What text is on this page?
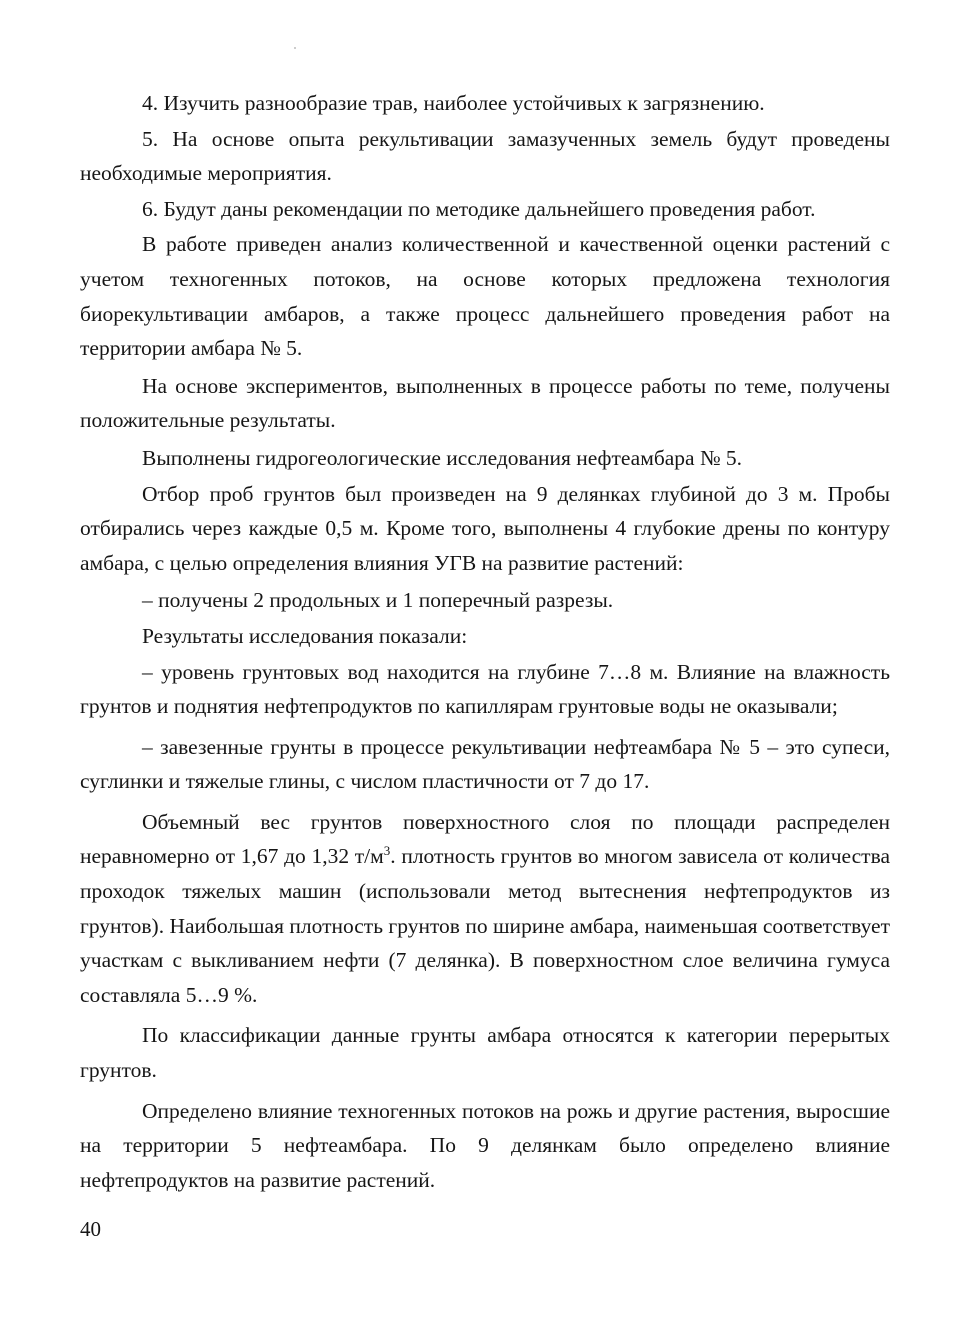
4. Изучить разнообразие трав, наиболее устойчивых к загрязнению.

5. На основе опыта рекультивации замазученных земель будут проведены необходимые мероприятия.

6. Будут даны рекомендации по методике дальнейшего проведения работ.

В работе приведен анализ количественной и качественной оценки растений с учетом техногенных потоков, на основе которых предложена технология биорекультивации амбаров, а также процесс дальнейшего проведения работ на территории амбара № 5.

На основе экспериментов, выполненных в процессе работы по теме, получены положительные результаты.

Выполнены гидрогеологические исследования нефтеамбара № 5.

Отбор проб грунтов был произведен на 9 делянках глубиной до 3 м. Пробы отбирались через каждые 0,5 м. Кроме того, выполнены 4 глубокие дрены по контуру амбара, с целью определения влияния УГВ на развитие растений:

– получены 2 продольных и 1 поперечный разрезы.

Результаты исследования показали:

– уровень грунтовых вод находится на глубине 7…8 м. Влияние на влажность грунтов и поднятия нефтепродуктов по капиллярам грунтовые воды не оказывали;

– завезенные грунты в процессе рекультивации нефтеамбара № 5 – это супеси, суглинки и тяжелые глины, с числом пластичности от 7 до 17.

Объемный вес грунтов поверхностного слоя по площади распределен неравномерно от 1,67 до 1,32 $т/м^3$. плотность грунтов во многом зависела от количества проходок тяжелых машин (использовали метод вытеснения нефтепродуктов из грунтов). Наибольшая плотность грунтов по ширине амбара, наименьшая соответствует участкам с выкливанием нефти (7 делянка). В поверхностном слое величина гумуса составляла 5…9 %.

По классификации данные грунты амбара относятся к категории перерытых грунтов.

Определено влияние техногенных потоков на рожь и другие растения, выросшие на территории 5 нефтеамбара. По 9 делянкам было определено влияние нефтепродуктов на развитие растений.

40
